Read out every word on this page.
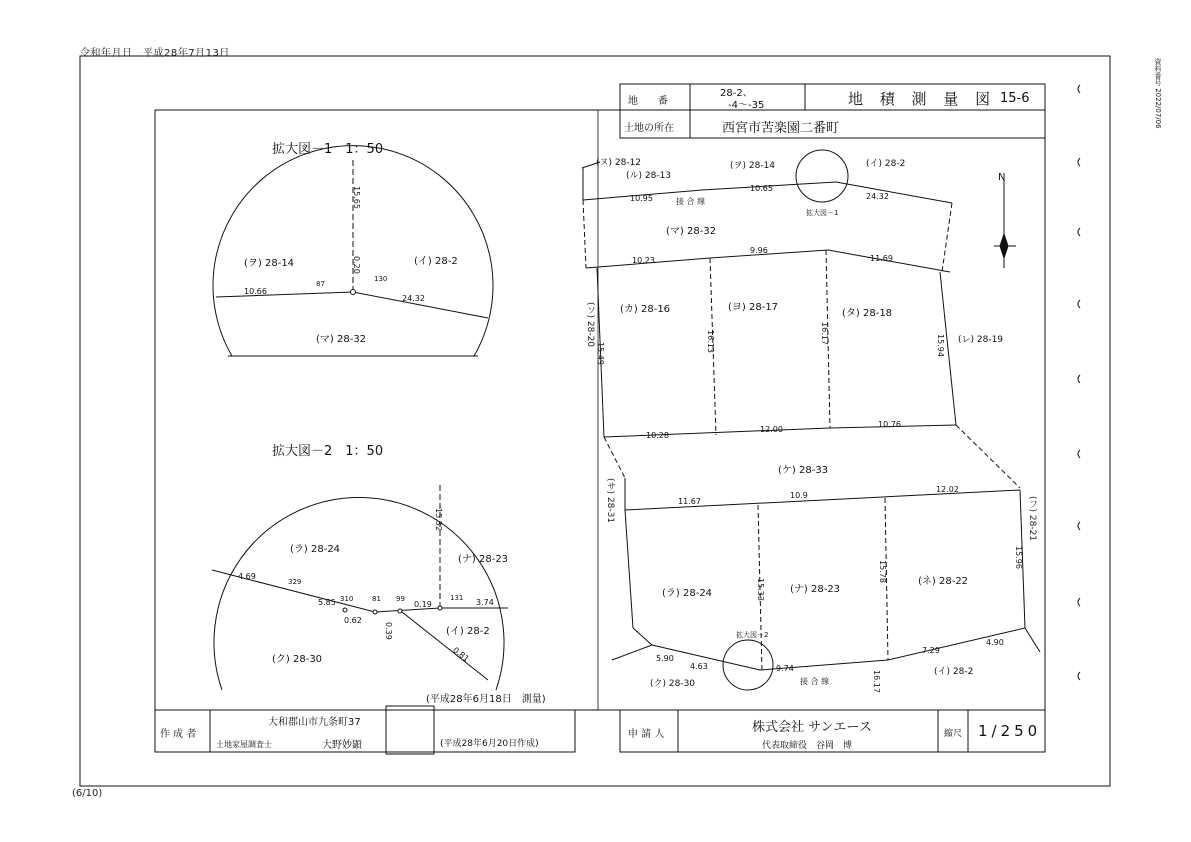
令和年月日　平成28年7月13日
(6/10)
資料番号 2022/07/06
地　　番
28-2、
-4～-35	地 積 測 量 図 15-6
土地の所在	西宮市苦楽園二番町
拡大図－1　1：50
(ヲ) 28-14	(イ) 28-2
(マ) 28-32
15.65
0.20
10.66
24.32
87
130
拡大図－2　1：50
(ラ) 28-24
(ナ) 28-23
(イ) 28-2
(ク) 28-30
15.32
4.69
5.85
0.62
0.39
0.19	3.74
0.81
329
310	81 99	131
(平成28年6月18日　測量)
(ヌ) 28-12
(ル) 28-13
(ヲ) 28-14	(イ) 28-2
(マ) 28-32
(カ) 28-16	(ヨ) 28-17
(タ) 28-18
(レ) 28-19
(ケ) 28-33
(ラ) 28-24	(ナ) 28-23
(ネ) 28-22
(ク) 28-30
(イ) 28-2
(フ) 28-21
(ソ) 28-20
(サ) 28-31
接 合 線
接 合 線
拡大図－1
拡大図－2
N
10.95
10.65
24.32
10.23
9.96
11.69
10.28
12.00
10.76
11.67
10.9
12.02
5.90
4.63	9.74
7.29
4.90
15.94
16.17
16.13
15.49
15.96
15.33
15.78
16.17
作 成 者
大和郡山市九条町37
土地家屋調査士	大野妙顕	(平成28年6月20日作成)
申 請 人	株式会社 サンエース
代表取締役　谷岡　博
縮尺 1/250
